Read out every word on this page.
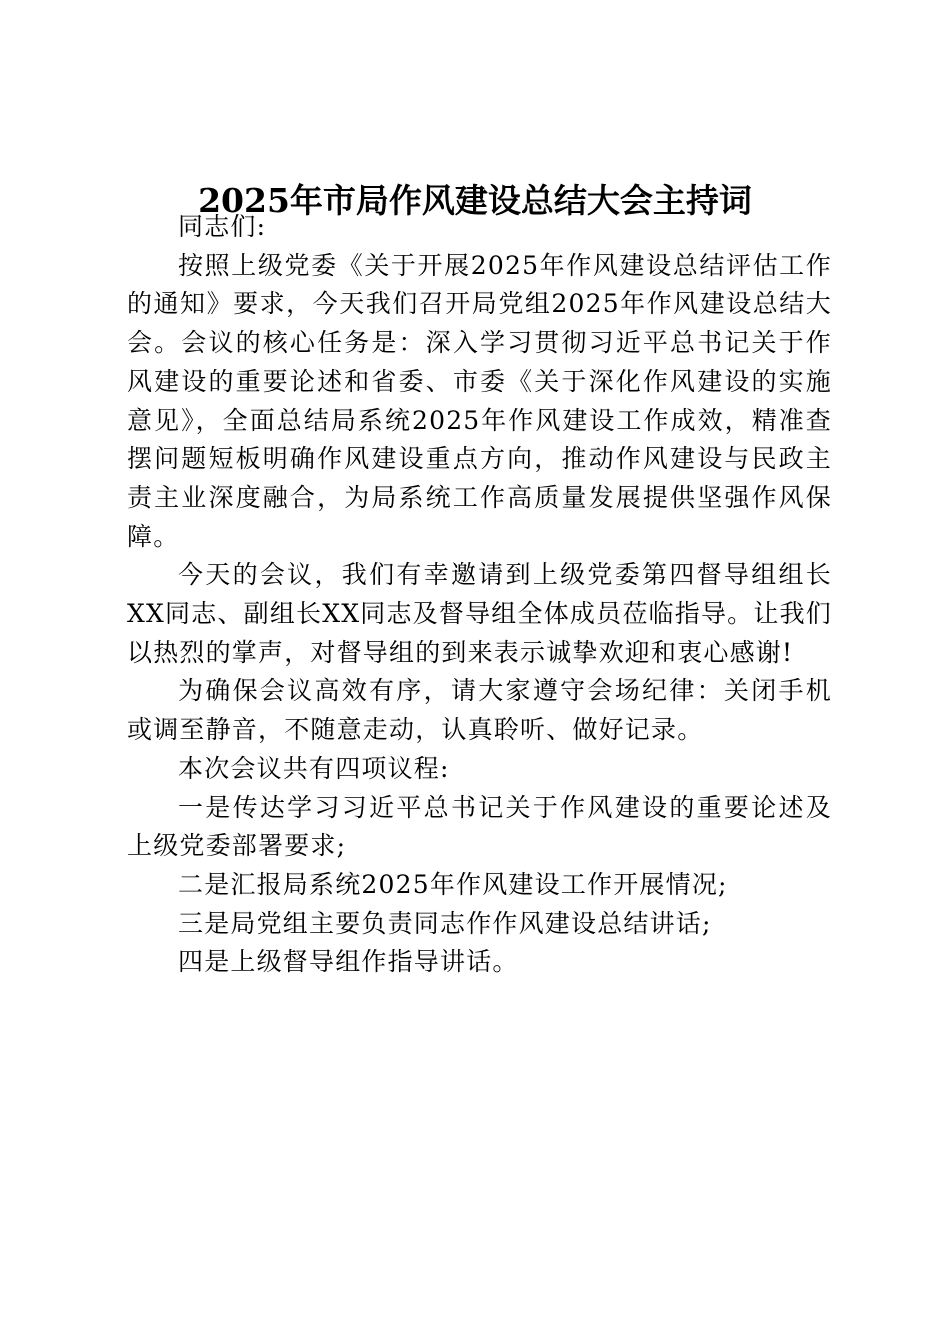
2025年市局作风建设总结大会主持词

同志们:

按照上级党委《关于开展2025年作风建设总结评估工作的通知》要求，今天我们召开局党组2025年作风建设总结大会。会议的核心任务是：深入学习贯彻习近平总书记关于作风建设的重要论述和省委、市委《关于深化作风建设的实施意见》，全面总结局系统2025年作风建设工作成效，精准查摆问题短板明确作风建设重点方向，推动作风建设与民政主责主业深度融合，为局系统工作高质量发展提供坚强作风保障。

今天的会议，我们有幸邀请到上级党委第四督导组组长XX同志、副组长XX同志及督导组全体成员莅临指导。让我们以热烈的掌声，对督导组的到来表示诚挚欢迎和衷心感谢!

为确保会议高效有序，请大家遵守会场纪律：关闭手机或调至静音，不随意走动，认真聆听、做好记录。

本次会议共有四项议程:

一是传达学习习近平总书记关于作风建设的重要论述及上级党委部署要求;

二是汇报局系统2025年作风建设工作开展情况;

三是局党组主要负责同志作作风建设总结讲话;

四是上级督导组作指导讲话。
